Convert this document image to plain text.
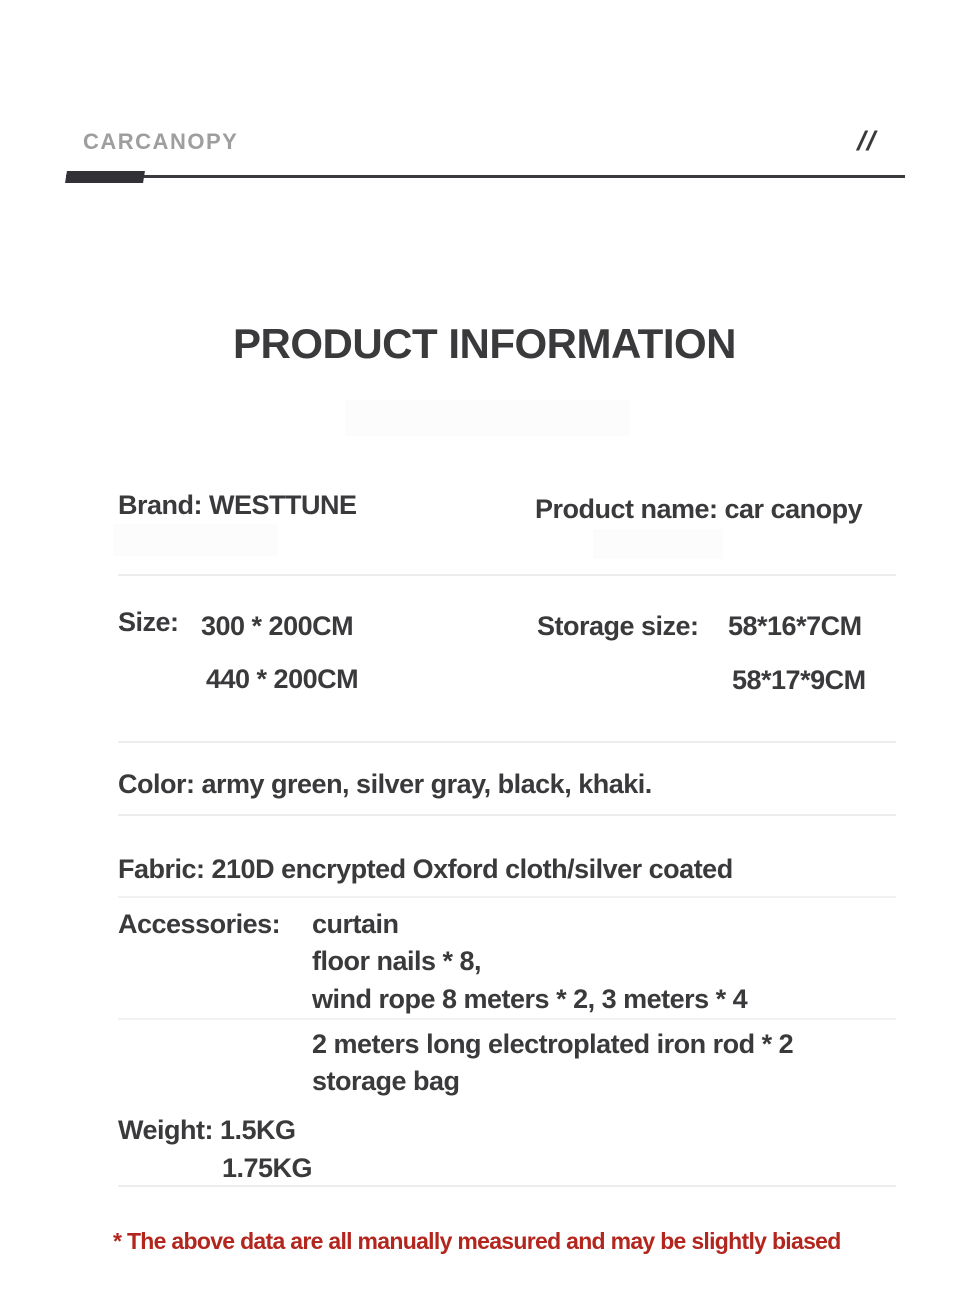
CARCANOPY	//
PRODUCT INFORMATION
Brand: WESTTUNE	Product name: car canopy
Size: 300 * 200CM
440 * 200CM
Storage size: 58*16*7CM
58*17*9CM
Color: army green, silver gray, black, khaki.
Fabric: 210D encrypted Oxford cloth/silver coated
Accessories: curtain
floor nails * 8,
wind rope 8 meters * 2, 3 meters * 4
2 meters long electroplated iron rod * 2
storage bag
Weight: 1.5KG
1.75KG
* The above data are all manually measured and may be slightly biased
